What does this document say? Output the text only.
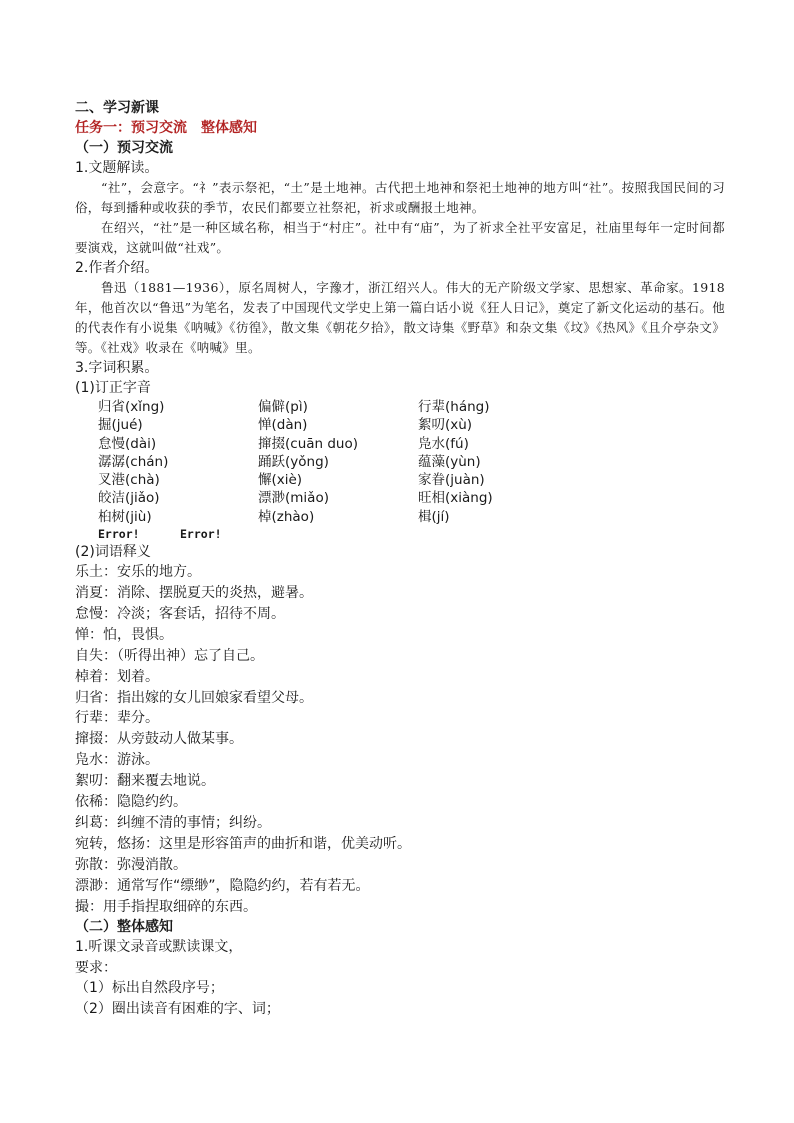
二、学习新课
任务一：预习交流　整体感知
（一）预习交流
1.文题解读。
“社”，会意字。“礻”表示祭祀，“土”是土地神。古代把土地神和祭祀土地神的地方叫“社”。按照我国民间的习俗，每到播种或收获的季节，农民们都要立社祭祀，祈求或酬报土地神。
在绍兴，“社”是一种区域名称，相当于“村庄”。社中有“庙”，为了祈求全社平安富足，社庙里每年一定时间都要演戏，这就叫做“社戏”。
2.作者介绍。
鲁迅（1881—1936），原名周树人，字豫才，浙江绍兴人。伟大的无产阶级文学家、思想家、革命家。1918 年，他首次以“鲁迅”为笔名，发表了中国现代文学史上第一篇白话小说《狂人日记》，奠定了新文化运动的基石。他的代表作有小说集《呐喊》《彷徨》，散文集《朝花夕拾》，散文诗集《野草》和杂文集《坟》《热风》《且介亭杂文》等。《社戏》收录在《呐喊》里。
3.字词积累。
(1)订正字音
归省(xǐng)	偏僻(pì)	行辈(háng)
掘(jué)	惮(dàn)	絮叨(xù)
怠慢(dài)	撺掇(cuān duo)	凫水(fú)
潺潺(chán)	踊跃(yǒng)	蕴藻(yùn)
叉港(chà)	懈(xiè)	家眷(juàn)
皎洁(jiǎo)	漂渺(miǎo)	旺相(xiàng)
桕树(jiù)	棹(zhào)	楫(jí)
Error!	Error!
(2)词语释义
乐土：安乐的地方。
消夏：消除、摆脱夏天的炎热，避暑。
怠慢：冷淡；客套话，招待不周。
惮：怕，畏惧。
自失：（听得出神）忘了自己。
棹着：划着。
归省：指出嫁的女儿回娘家看望父母。
行辈：辈分。
撺掇：从旁鼓动人做某事。
凫水：游泳。
絮叨：翻来覆去地说。
依稀：隐隐约约。
纠葛：纠缠不清的事情；纠纷。
宛转，悠扬：这里是形容笛声的曲折和谐，优美动听。
弥散：弥漫消散。
漂渺：通常写作“缥缈”，隐隐约约，若有若无。
撮：用手指捏取细碎的东西。
（二）整体感知
1.听课文录音或默读课文，
要求：
（1）标出自然段序号；
（2）圈出读音有困难的字、词；
